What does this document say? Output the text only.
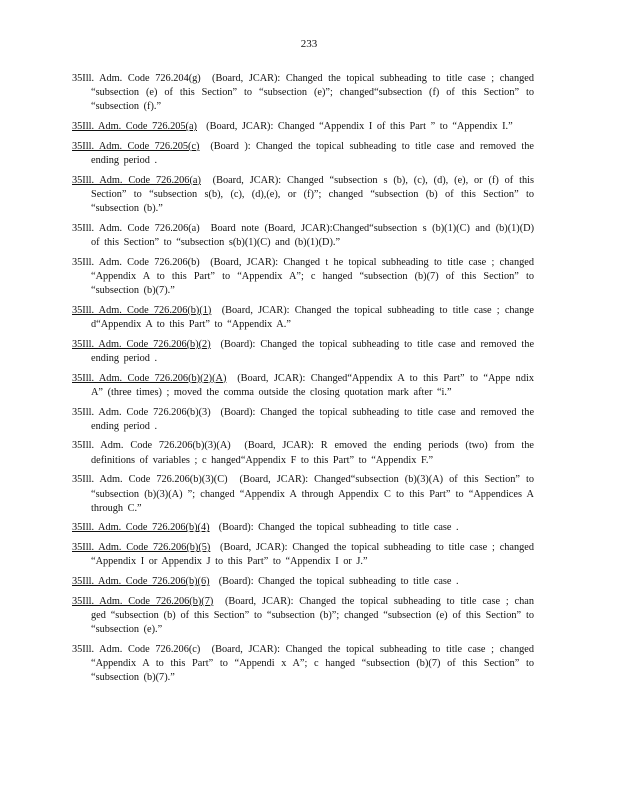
233

35Ill. Adm. Code 726.204(g) (Board, JCAR): Changed the topical subheading to title case ; changed “subsection (e) of this Section” to “subsection (e)”; changed“subsection (f) of this Section” to “subsection (f).”

35Ill. Adm. Code 726.205(a) (Board, JCAR): Changed “Appendix I of this Part ” to “Appendix I.”

35Ill. Adm. Code 726.205(c) (Board ): Changed the topical subheading to title case and removed the ending period .

35Ill. Adm. Code 726.206(a) (Board, JCAR): Changed “subsection s (b), (c), (d), (e), or (f) of this Section” to “subsection s(b), (c), (d),(e), or (f)”; changed “subsection (b) of this Section” to “subsection (b).”

35Ill. Adm. Code 726.206(a) Board note (Board, JCAR):Changed“subsection s (b)(1)(C) and (b)(1)(D) of this Section” to “subsection s(b)(1)(C) and (b)(1)(D).”

35Ill. Adm. Code 726.206(b) (Board, JCAR): Changed t he topical subheading to title case ; changed “Appendix A to this Part” to “Appendix A”; c hanged “subsection (b)(7) of this Section” to “subsection (b)(7).”

35Ill. Adm. Code 726.206(b)(1) (Board, JCAR): Changed the topical subheading to title case ; change d“Appendix A to this Part” to “Appendix A.”

35Ill. Adm. Code 726.206(b)(2) (Board): Changed the topical subheading to title case and removed the ending period .

35Ill. Adm. Code 726.206(b)(2)(A) (Board, JCAR): Changed“Appendix A to this Part” to “Appe ndix A” (three times) ; moved the comma outside the closing quotation mark after “i.”

35Ill. Adm. Code 726.206(b)(3) (Board): Changed the topical subheading to title case and removed the ending period .

35Ill. Adm. Code 726.206(b)(3)(A) (Board, JCAR): R emoved the ending periods (two) from the definitions of variables ; c hanged“Appendix F to this Part” to “Appendix F.”

35Ill. Adm. Code 726.206(b)(3)(C) (Board, JCAR): Changed“subsection (b)(3)(A) of this Section” to “subsection (b)(3)(A) ”; changed “Appendix A through Appendix C to this Part” to “Appendices A through C.”

35Ill. Adm. Code 726.206(b)(4) (Board): Changed the topical subheading to title case .

35Ill. Adm. Code 726.206(b)(5) (Board, JCAR): Changed the topical subheading to title case ; changed “Appendix I or Appendix J to this Part” to “Appendix I or J.”

35Ill. Adm. Code 726.206(b)(6) (Board): Changed the topical subheading to title case .

35Ill. Adm. Code 726.206(b)(7) (Board, JCAR): Changed the topical subheading to title case ; chan ged “subsection (b) of this Section” to “subsection (b)”; changed “subsection (e) of this Section” to “subsection (e).”

35Ill. Adm. Code 726.206(c) (Board, JCAR): Changed the topical subheading to title case ; changed “Appendix A to this Part” to “Appendi x A”; c hanged “subsection (b)(7) of this Section” to “subsection (b)(7).”
